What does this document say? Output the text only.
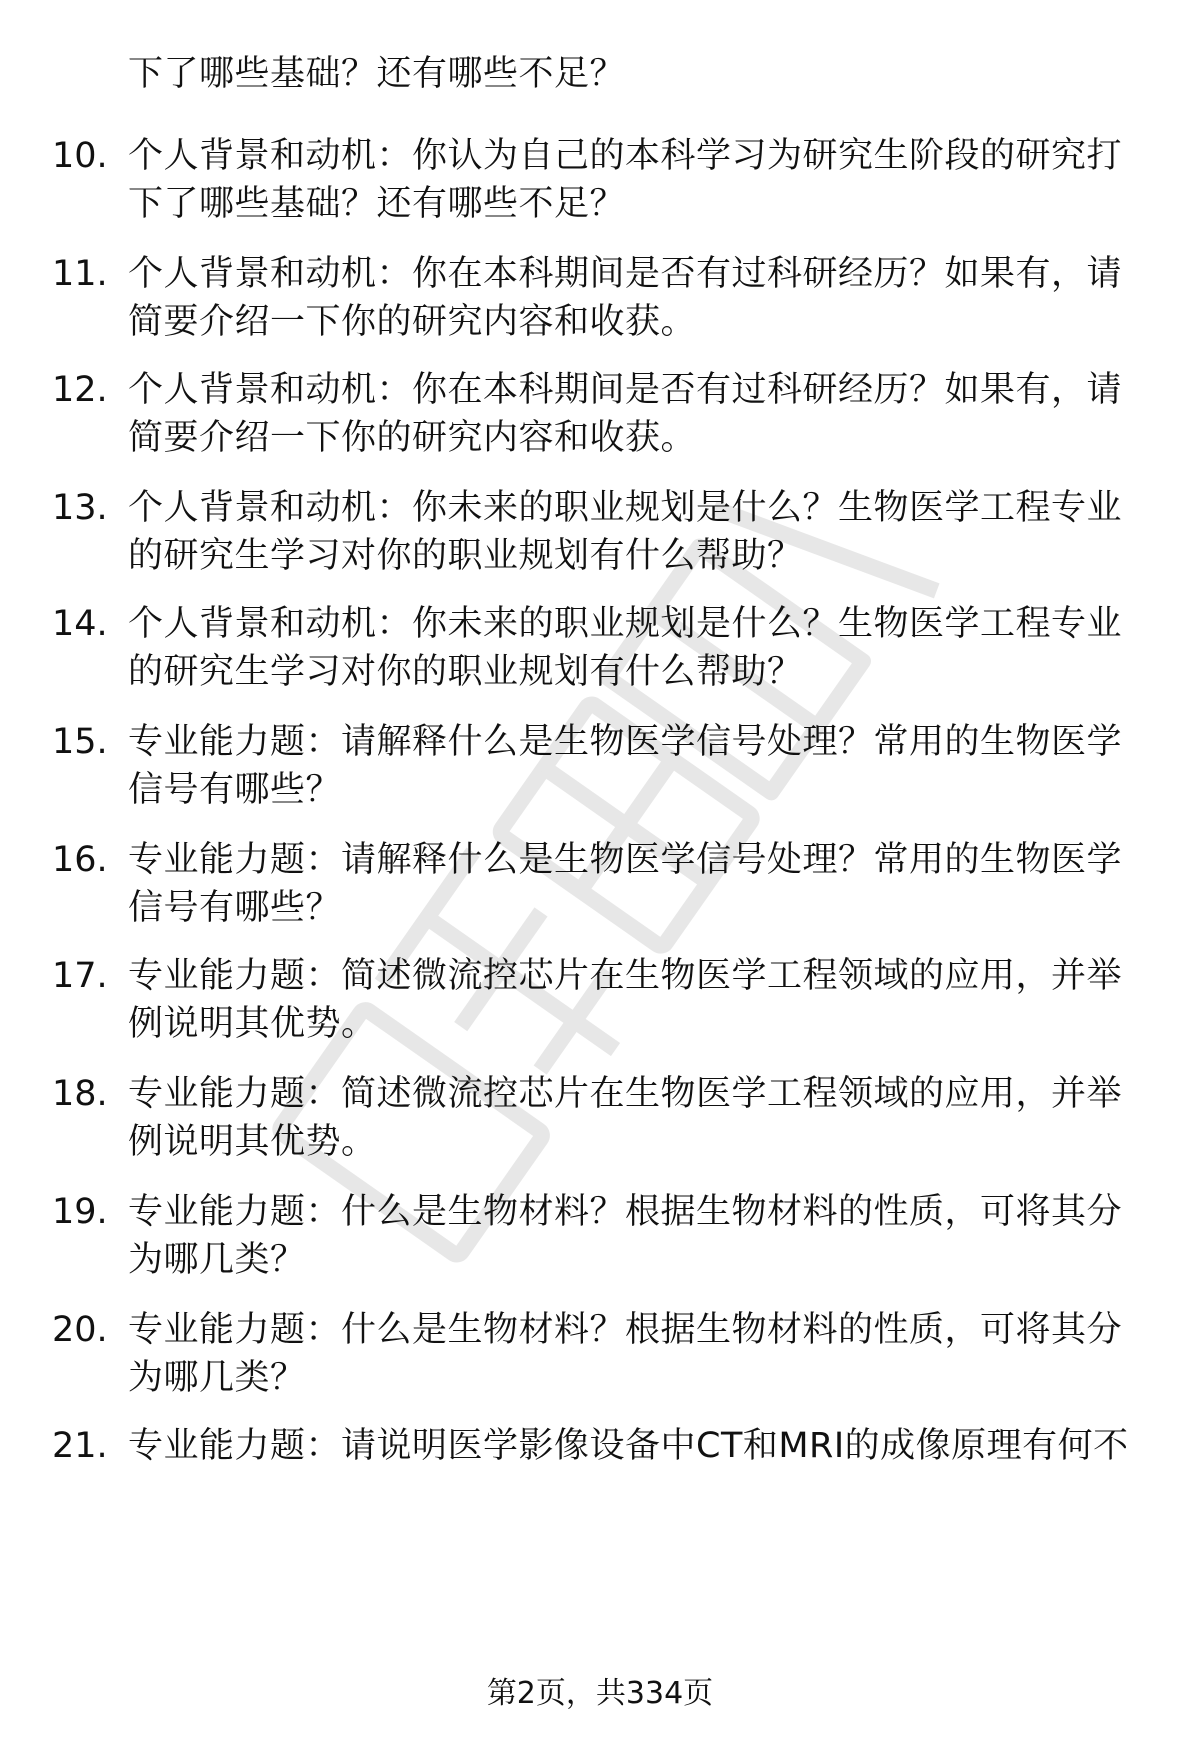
下了哪些基础？还有哪些不足？
10. 个人背景和动机：你认为自己的本科学习为研究生阶段的研究打
下了哪些基础？还有哪些不足？
11. 个人背景和动机：你在本科期间是否有过科研经历？如果有，请
简要介绍一下你的研究内容和收获。
12. 个人背景和动机：你在本科期间是否有过科研经历？如果有，请
简要介绍一下你的研究内容和收获。
13. 个人背景和动机：你未来的职业规划是什么？生物医学工程专业
的研究生学习对你的职业规划有什么帮助？
14. 个人背景和动机：你未来的职业规划是什么？生物医学工程专业
的研究生学习对你的职业规划有什么帮助？
15. 专业能力题：请解释什么是生物医学信号处理？常用的生物医学
信号有哪些？
16. 专业能力题：请解释什么是生物医学信号处理？常用的生物医学
信号有哪些？
17. 专业能力题：简述微流控芯片在生物医学工程领域的应用，并举
例说明其优势。
18. 专业能力题：简述微流控芯片在生物医学工程领域的应用，并举
例说明其优势。
19. 专业能力题：什么是生物材料？根据生物材料的性质，可将其分
为哪几类？
20. 专业能力题：什么是生物材料？根据生物材料的性质，可将其分
为哪几类？
21. 专业能力题：请说明医学影像设备中CT和MRI的成像原理有何不
第2页，共334页
